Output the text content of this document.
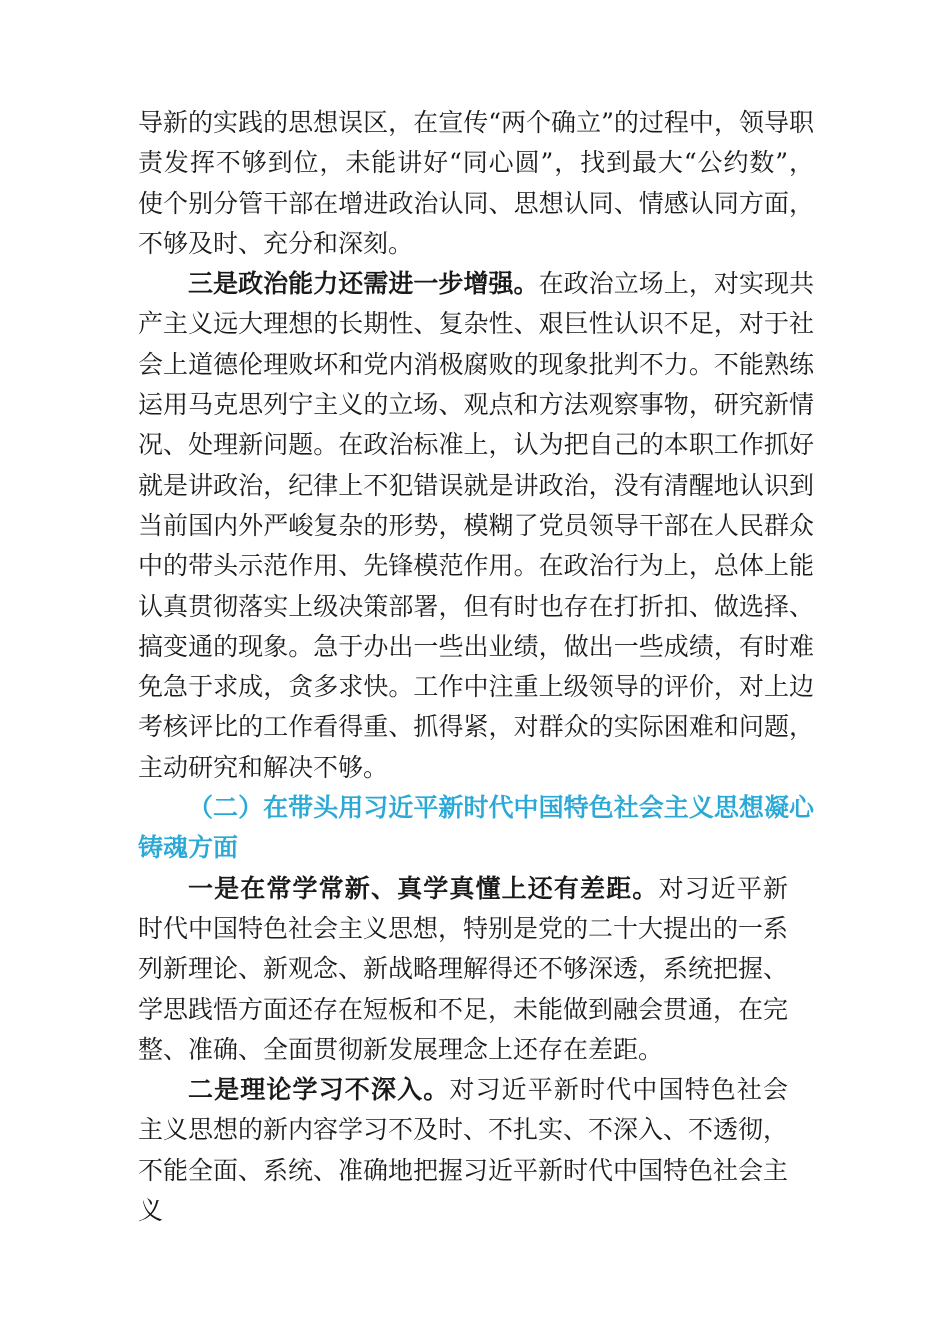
导新的实践的思想误区，在宣传“两个确立”的过程中，领导职责发挥不够到位，未能讲好“同心圆”，找到最大“公约数”，使个别分管干部在增进政治认同、思想认同、情感认同方面，不够及时、充分和深刻。

三是政治能力还需进一步增强。在政治立场上，对实现共产主义远大理想的长期性、复杂性、艰巨性认识不足，对于社会上道德伦理败坏和党内消极腐败的现象批判不力。不能熟练运用马克思列宁主义的立场、观点和方法观察事物，研究新情况、处理新问题。在政治标准上，认为把自己的本职工作抓好就是讲政治，纪律上不犯错误就是讲政治，没有清醒地认识到当前国内外严峻复杂的形势，模糊了党员领导干部在人民群众中的带头示范作用、先锋模范作用。在政治行为上，总体上能认真贯彻落实上级决策部署，但有时也存在打折扣、做选择、搞变通的现象。急于办出一些出业绩，做出一些成绩，有时难免急于求成，贪多求快。工作中注重上级领导的评价，对上边考核评比的工作看得重、抓得紧，对群众的实际困难和问题，主动研究和解决不够。

（二）在带头用习近平新时代中国特色社会主义思想凝心铸魂方面

一是在常学常新、真学真懂上还有差距。对习近平新时代中国特色社会主义思想，特别是党的二十大提出的一系列新理论、新观念、新战略理解得还不够深透，系统把握、学思践悟方面还存在短板和不足，未能做到融会贯通，在完整、准确、全面贯彻新发展理念上还存在差距。

二是理论学习不深入。对习近平新时代中国特色社会主义思想的新内容学习不及时、不扎实、不深入、不透彻，不能全面、系统、准确地把握习近平新时代中国特色社会主义
